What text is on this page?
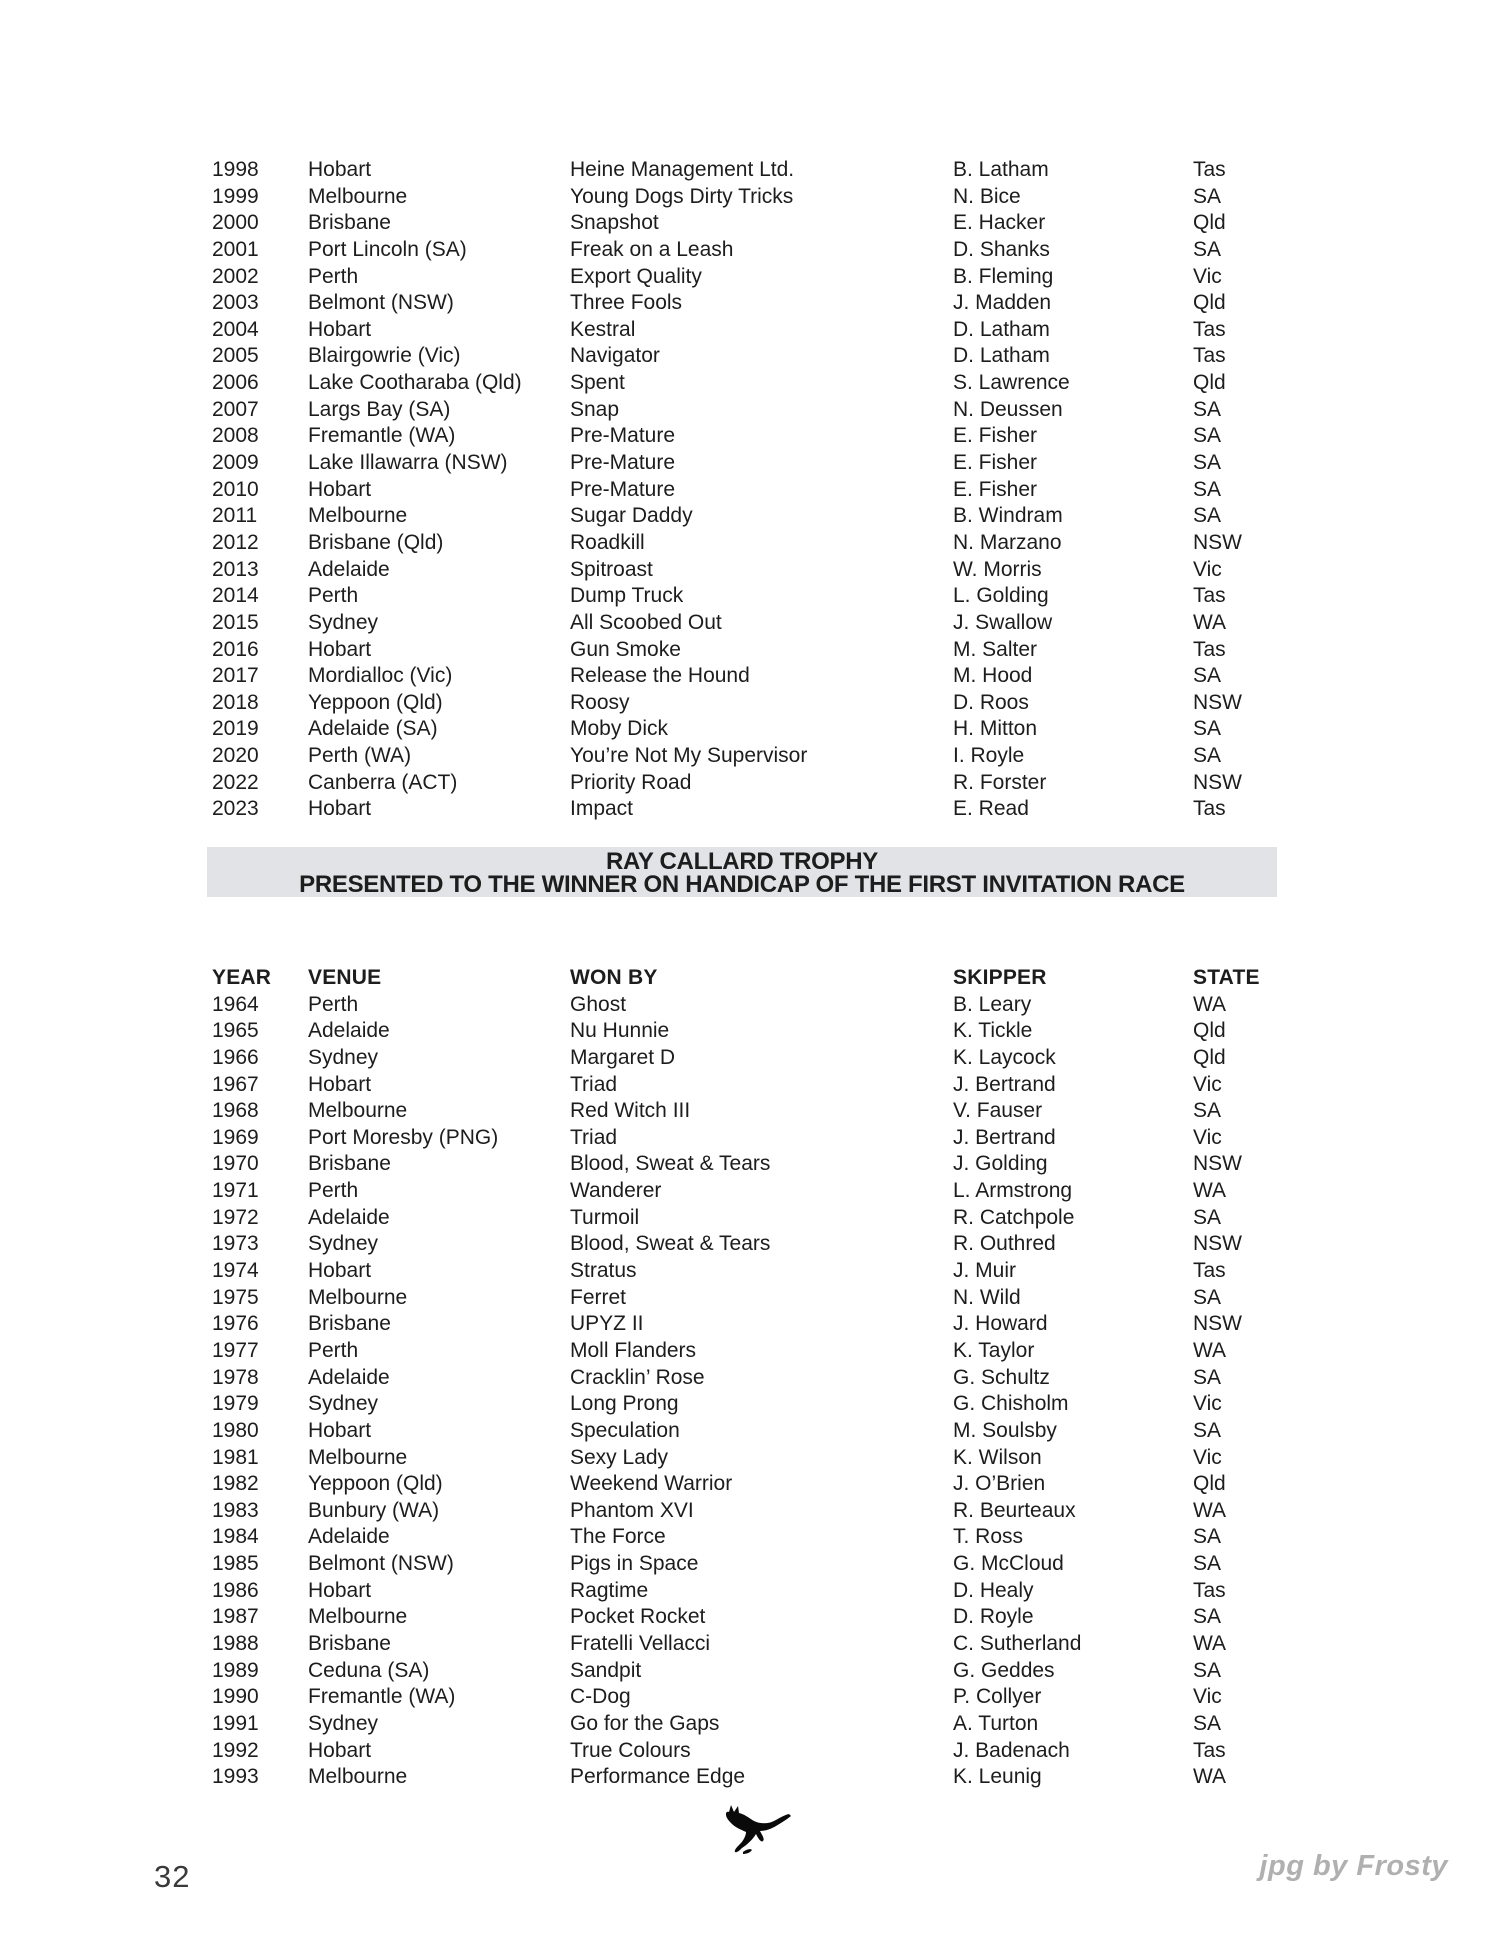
1998	Hobart	Heine Management Ltd.	B. Latham	Tas
1999	Melbourne	Young Dogs Dirty Tricks	N. Bice	SA
2000	Brisbane	Snapshot	E. Hacker	Qld
2001	Port Lincoln (SA)	Freak on a Leash	D. Shanks	SA
2002	Perth	Export Quality	B. Fleming	Vic
2003	Belmont (NSW)	Three Fools	J. Madden	Qld
2004	Hobart	Kestral	D. Latham	Tas
2005	Blairgowrie (Vic)	Navigator	D. Latham	Tas
2006	Lake Cootharaba (Qld)	Spent	S. Lawrence	Qld
2007	Largs Bay (SA)	Snap	N. Deussen	SA
2008	Fremantle (WA)	Pre-Mature	E. Fisher	SA
2009	Lake Illawarra (NSW)	Pre-Mature	E. Fisher	SA
2010	Hobart	Pre-Mature	E. Fisher	SA
2011	Melbourne	Sugar Daddy	B. Windram	SA
2012	Brisbane (Qld)	Roadkill	N. Marzano	NSW
2013	Adelaide	Spitroast	W. Morris	Vic
2014	Perth	Dump Truck	L. Golding	Tas
2015	Sydney	All Scoobed Out	J. Swallow	WA
2016	Hobart	Gun Smoke	M. Salter	Tas
2017	Mordialloc (Vic)	Release the Hound	M. Hood	SA
2018	Yeppoon (Qld)	Roosy	D. Roos	NSW
2019	Adelaide (SA)	Moby Dick	H. Mitton	SA
2020	Perth (WA)	You’re Not My Supervisor	I. Royle	SA
2022	Canberra (ACT)	Priority Road	R. Forster	NSW
2023	Hobart	Impact	E. Read	Tas
RAY CALLARD TROPHY
PRESENTED TO THE WINNER ON HANDICAP OF THE FIRST INVITATION RACE
YEAR	VENUE	WON BY	SKIPPER	STATE
1964	Perth	Ghost	B. Leary	WA
1965	Adelaide	Nu Hunnie	K. Tickle	Qld
1966	Sydney	Margaret D	K. Laycock	Qld
1967	Hobart	Triad	J. Bertrand	Vic
1968	Melbourne	Red Witch III	V. Fauser	SA
1969	Port Moresby (PNG)	Triad	J. Bertrand	Vic
1970	Brisbane	Blood, Sweat & Tears	J. Golding	NSW
1971	Perth	Wanderer	L. Armstrong	WA
1972	Adelaide	Turmoil	R. Catchpole	SA
1973	Sydney	Blood, Sweat & Tears	R. Outhred	NSW
1974	Hobart	Stratus	J. Muir	Tas
1975	Melbourne	Ferret	N. Wild	SA
1976	Brisbane	UPYZ II	J. Howard	NSW
1977	Perth	Moll Flanders	K. Taylor	WA
1978	Adelaide	Cracklin’ Rose	G. Schultz	SA
1979	Sydney	Long Prong	G. Chisholm	Vic
1980	Hobart	Speculation	M. Soulsby	SA
1981	Melbourne	Sexy Lady	K. Wilson	Vic
1982	Yeppoon (Qld)	Weekend Warrior	J. O’Brien	Qld
1983	Bunbury (WA)	Phantom XVI	R. Beurteaux	WA
1984	Adelaide	The Force	T. Ross	SA
1985	Belmont (NSW)	Pigs in Space	G. McCloud	SA
1986	Hobart	Ragtime	D. Healy	Tas
1987	Melbourne	Pocket Rocket	D. Royle	SA
1988	Brisbane	Fratelli Vellacci	C. Sutherland	WA
1989	Ceduna (SA)	Sandpit	G. Geddes	SA
1990	Fremantle (WA)	C-Dog	P. Collyer	Vic
1991	Sydney	Go for the Gaps	A. Turton	SA
1992	Hobart	True Colours	J. Badenach	Tas
1993	Melbourne	Performance Edge	K. Leunig	WA
32	jpg by Frosty
